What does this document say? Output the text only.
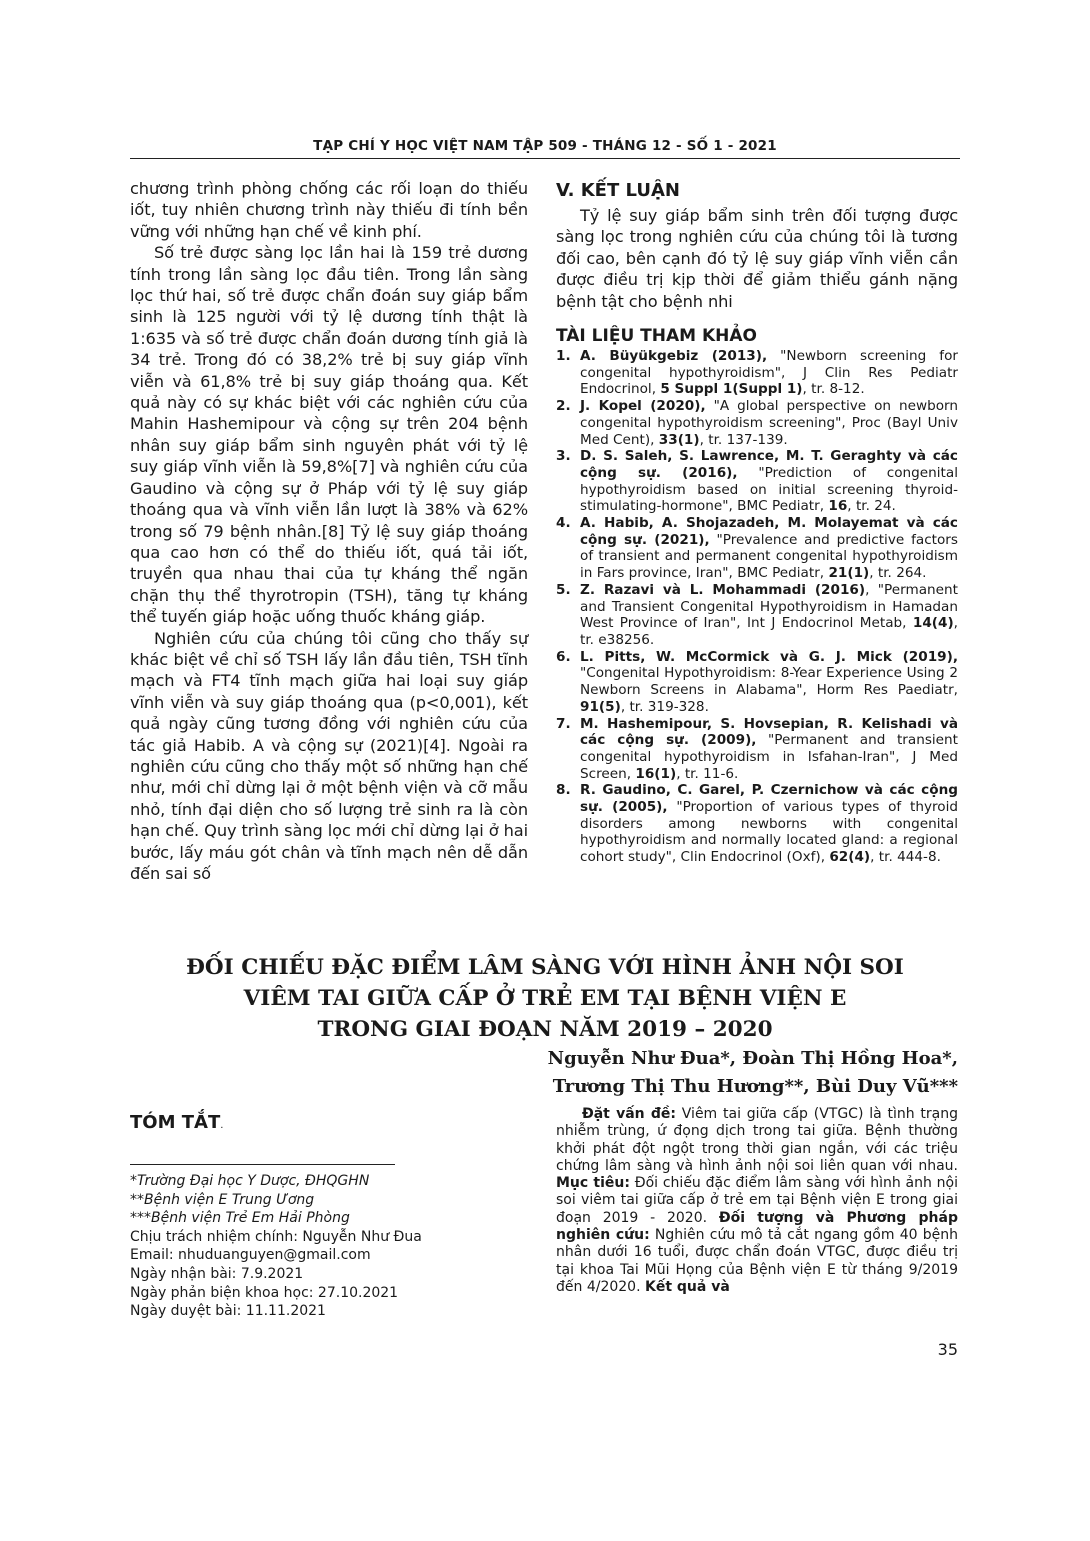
TẠP CHÍ Y HỌC VIỆT NAM TẬP 509 - THÁNG 12 - SỐ 1 - 2021

chương trình phòng chống các rối loạn do thiếu iốt, tuy nhiên chương trình này thiếu đi tính bền vững với những hạn chế về kinh phí.

Số trẻ được sàng lọc lần hai là 159 trẻ dương tính trong lần sàng lọc đầu tiên. Trong lần sàng lọc thứ hai, số trẻ được chẩn đoán suy giáp bẩm sinh là 125 người với tỷ lệ dương tính thật là 1:635 và số trẻ được chẩn đoán dương tính giả là 34 trẻ. Trong đó có 38,2% trẻ bị suy giáp vĩnh viễn và 61,8% trẻ bị suy giáp thoáng qua. Kết quả này có sự khác biệt với các nghiên cứu của Mahin Hashemipour và cộng sự trên 204 bệnh nhân suy giáp bẩm sinh nguyên phát với tỷ lệ suy giáp vĩnh viễn là 59,8%[7] và nghiên cứu của Gaudino và cộng sự ở Pháp với tỷ lệ suy giáp thoáng qua và vĩnh viễn lần lượt là 38% và 62% trong số 79 bệnh nhân.[8] Tỷ lệ suy giáp thoáng qua cao hơn có thể do thiếu iốt, quá tải iốt, truyền qua nhau thai của tự kháng thể ngăn chặn thụ thể thyrotropin (TSH), tăng tự kháng thể tuyến giáp hoặc uống thuốc kháng giáp.

Nghiên cứu của chúng tôi cũng cho thấy sự khác biệt về chỉ số TSH lấy lần đầu tiên, TSH tĩnh mạch và FT4 tĩnh mạch giữa hai loại suy giáp vĩnh viễn và suy giáp thoáng qua (p<0,001), kết quả ngày cũng tương đồng với nghiên cứu của tác giả Habib. A và cộng sự (2021)[4]. Ngoài ra nghiên cứu cũng cho thấy một số những hạn chế như, mới chỉ dừng lại ở một bệnh viện và cỡ mẫu nhỏ, tính đại diện cho số lượng trẻ sinh ra là còn hạn chế. Quy trình sàng lọc mới chỉ dừng lại ở hai bước, lấy máu gót chân và tĩnh mạch nên dễ dẫn đến sai số

V. KẾT LUẬN

Tỷ lệ suy giáp bẩm sinh trên đối tượng được sàng lọc trong nghiên cứu của chúng tôi là tương đối cao, bên cạnh đó tỷ lệ suy giáp vĩnh viễn cần được điều trị kịp thời để giảm thiểu gánh nặng bệnh tật cho bệnh nhi

TÀI LIỆU THAM KHẢO
1. A. Büyükgebiz (2013), "Newborn screening for congenital hypothyroidism", J Clin Res Pediatr Endocrinol, 5 Suppl 1(Suppl 1), tr. 8-12.
2. J. Kopel (2020), "A global perspective on newborn congenital hypothyroidism screening", Proc (Bayl Univ Med Cent), 33(1), tr. 137-139.
3. D. S. Saleh, S. Lawrence, M. T. Geraghty và các cộng sự. (2016), "Prediction of congenital hypothyroidism based on initial screening thyroid-stimulating-hormone", BMC Pediatr, 16, tr. 24.
4. A. Habib, A. Shojazadeh, M. Molayemat và các cộng sự. (2021), "Prevalence and predictive factors of transient and permanent congenital hypothyroidism in Fars province, Iran", BMC Pediatr, 21(1), tr. 264.
5. Z. Razavi và L. Mohammadi (2016), "Permanent and Transient Congenital Hypothyroidism in Hamadan West Province of Iran", Int J Endocrinol Metab, 14(4), tr. e38256.
6. L. Pitts, W. McCormick và G. J. Mick (2019), "Congenital Hypothyroidism: 8-Year Experience Using 2 Newborn Screens in Alabama", Horm Res Paediatr, 91(5), tr. 319-328.
7. M. Hashemipour, S. Hovsepian, R. Kelishadi và các cộng sự. (2009), "Permanent and transient congenital hypothyroidism in Isfahan-Iran", J Med Screen, 16(1), tr. 11-6.
8. R. Gaudino, C. Garel, P. Czernichow và các cộng sự. (2005), "Proportion of various types of thyroid disorders among newborns with congenital hypothyroidism and normally located gland: a regional cohort study", Clin Endocrinol (Oxf), 62(4), tr. 444-8.
ĐỐI CHIẾU ĐẶC ĐIỂM LÂM SÀNG VỚI HÌNH ẢNH NỘI SOI
VIÊM TAI GIỮA CẤP Ở TRẺ EM TẠI BỆNH VIỆN E
TRONG GIAI ĐOẠN NĂM 2019 – 2020
Nguyễn Như Đua*, Đoàn Thị Hồng Hoa*,
Trương Thị Thu Hương**, Bùi Duy Vũ***
TÓM TẮT.
*Trường Đại học Y Dược, ĐHQGHN
**Bệnh viện E Trung Ương
***Bệnh viện Trẻ Em Hải Phòng
Chịu trách nhiệm chính: Nguyễn Như Đua
Email: nhuduanguyen@gmail.com
Ngày nhận bài: 7.9.2021
Ngày phản biện khoa học: 27.10.2021
Ngày duyệt bài: 11.11.2021
Đặt vấn đề: Viêm tai giữa cấp (VTGC) là tình trạng nhiễm trùng, ứ đọng dịch trong tai giữa. Bệnh thường khởi phát đột ngột trong thời gian ngắn, với các triệu chứng lâm sàng và hình ảnh nội soi liên quan với nhau. Mục tiêu: Đối chiếu đặc điểm lâm sàng với hình ảnh nội soi viêm tai giữa cấp ở trẻ em tại Bệnh viện E trong giai đoạn 2019 - 2020. Đối tượng và Phương pháp nghiên cứu: Nghiên cứu mô tả cắt ngang gồm 40 bệnh nhân dưới 16 tuổi, được chẩn đoán VTGC, được điều trị tại khoa Tai Mũi Họng của Bệnh viện E từ tháng 9/2019 đến 4/2020. Kết quả và
35
